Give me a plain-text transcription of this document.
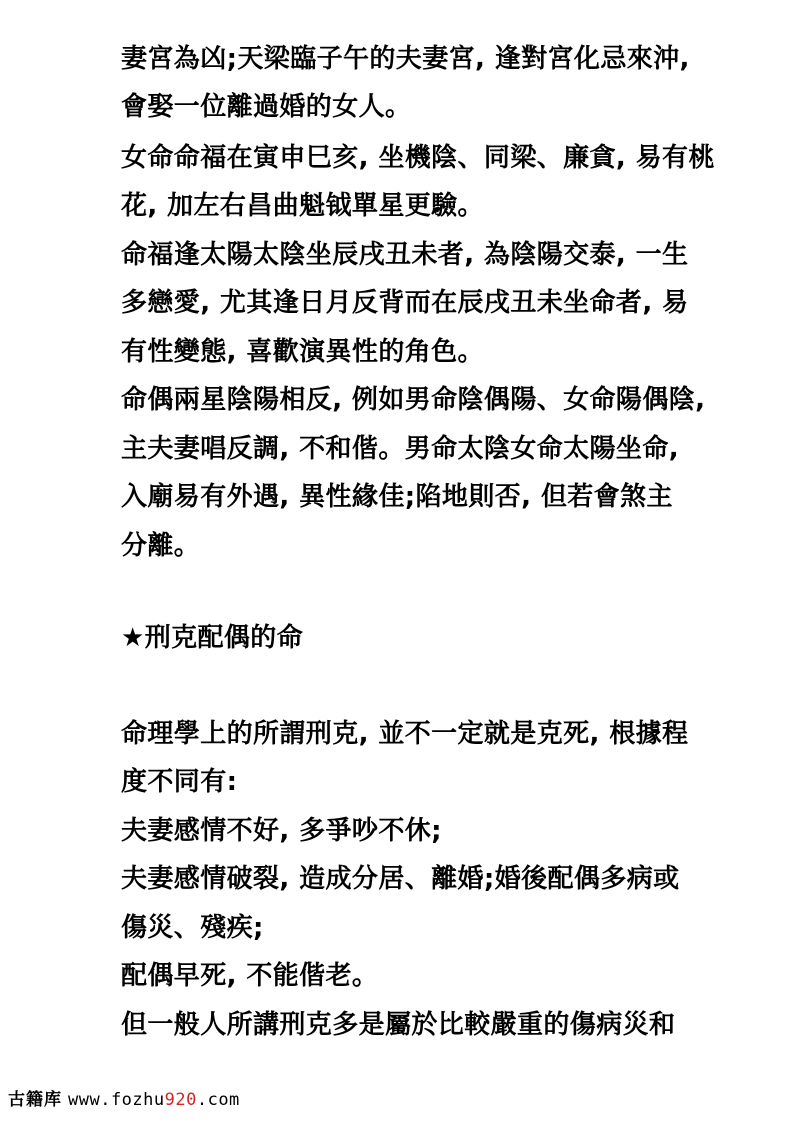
妻宮為凶;天梁臨子午的夫妻宮, 逢對宮化忌來沖,

會娶一位離過婚的女人。

女命命福在寅申巳亥, 坐機陰、同梁、廉貪, 易有桃

花, 加左右昌曲魁钺單星更驗。

命福逢太陽太陰坐辰戌丑未者, 為陰陽交泰, 一生

多戀愛, 尤其逢日月反背而在辰戌丑未坐命者, 易

有性變態, 喜歡演異性的角色。

命偶兩星陰陽相反, 例如男命陰偶陽、女命陽偶陰,

主夫妻唱反調, 不和偕。男命太陰女命太陽坐命,

入廟易有外遇, 異性緣佳;陷地則否, 但若會煞主

分離。

★刑克配偶的命

命理學上的所謂刑克, 並不一定就是克死, 根據程

度不同有:

夫妻感情不好, 多爭吵不休;

夫妻感情破裂, 造成分居、離婚;婚後配偶多病或

傷災、殘疾;

配偶早死, 不能偕老。

但一般人所講刑克多是屬於比較嚴重的傷病災和

古籍库 www.fozhu920.com
